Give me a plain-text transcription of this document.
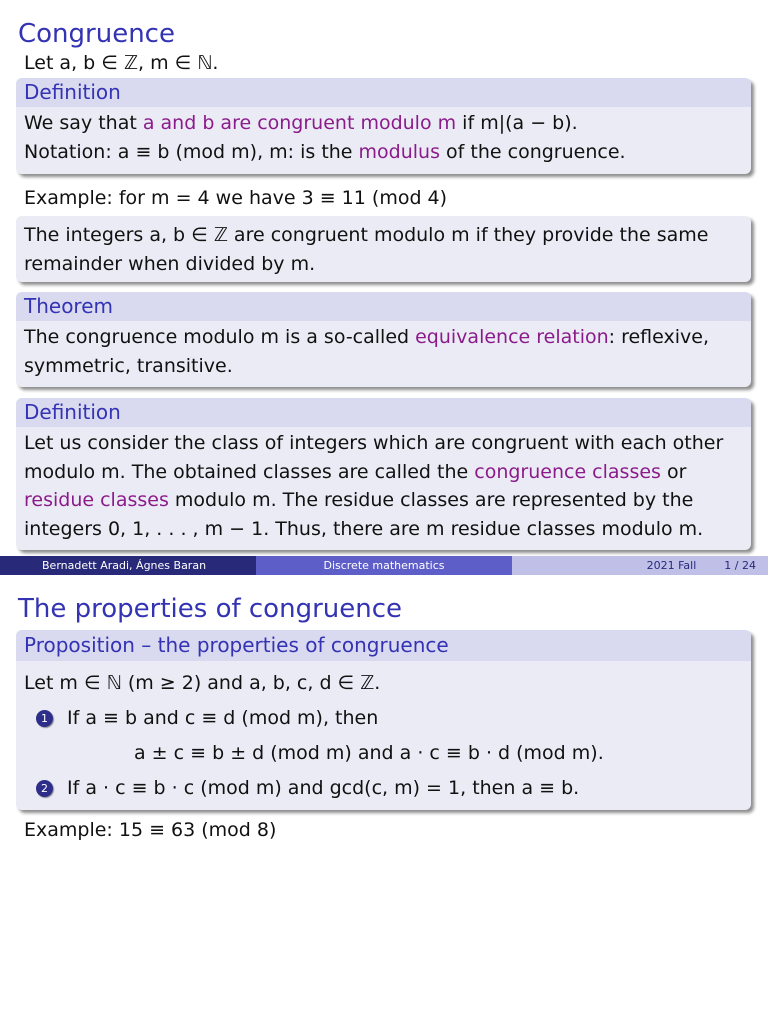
Congruence
Let a, b ∈ ℤ, m ∈ ℕ.
Definition
We say that a and b are congruent modulo m if m|(a − b).
Notation: a ≡ b (mod m), m: is the modulus of the congruence.
Example: for m = 4 we have 3 ≡ 11 (mod 4)
The integers a, b ∈ ℤ are congruent modulo m if they provide the same
remainder when divided by m.
Theorem
The congruence modulo m is a so-called equivalence relation: reflexive,
symmetric, transitive.
Definition
Let us consider the class of integers which are congruent with each other
modulo m. The obtained classes are called the congruence classes or
residue classes modulo m. The residue classes are represented by the
integers 0, 1, . . . , m − 1. Thus, there are m residue classes modulo m.
Bernadett Aradi, Ágnes Baran	Discrete mathematics	2021 Fall	1 / 24
The properties of congruence
Proposition – the properties of congruence
Let m ∈ ℕ (m ≥ 2) and a, b, c, d ∈ ℤ.
1 If a ≡ b and c ≡ d (mod m), then
a ± c ≡ b ± d (mod m) and a · c ≡ b · d (mod m).
2 If a · c ≡ b · c (mod m) and gcd(c, m) = 1, then a ≡ b.
Example: 15 ≡ 63 (mod 8)
